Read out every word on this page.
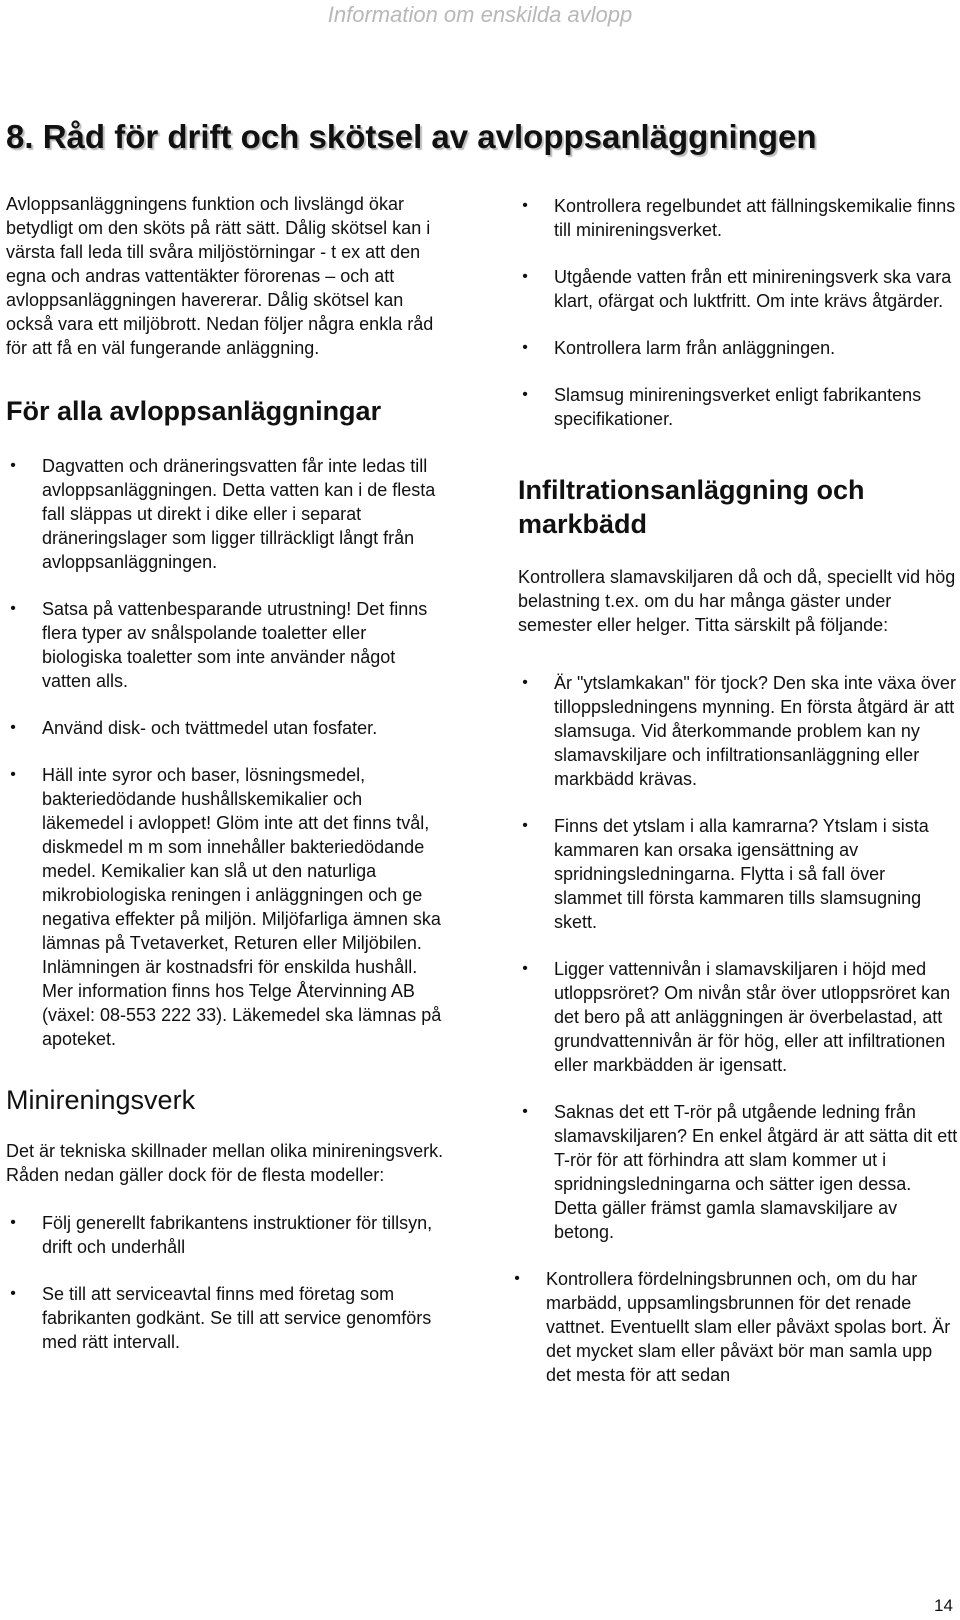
Information om enskilda avlopp
8. Råd för drift och skötsel av avloppsanläggningen

Avloppsanläggningens funktion och livslängd ökar betydligt om den sköts på rätt sätt. Dålig skötsel kan i värsta fall leda till svåra miljöstörningar - t ex att den egna och andras vattentäkter förorenas – och att avloppsanläggningen havererar. Dålig skötsel kan också vara ett miljöbrott. Nedan följer några enkla råd för att få en väl fungerande anläggning.

För alla avloppsanläggningar
• Dagvatten och dräneringsvatten får inte ledas till avloppsanläggningen. Detta vatten kan i de flesta fall släppas ut direkt i dike eller i separat dräneringslager som ligger tillräckligt långt från avloppsanläggningen.
• Satsa på vattenbesparande utrustning! Det finns flera typer av snålspolande toaletter eller biologiska toaletter som inte använder något vatten alls.
• Använd disk- och tvättmedel utan fosfater.
• Häll inte syror och baser, lösningsmedel, bakteriedödande hushållskemikalier och läkemedel i avloppet! Glöm inte att det finns tvål, diskmedel m m som innehåller bakteriedödande medel. Kemikalier kan slå ut den naturliga mikrobiologiska reningen i anläggningen och ge negativa effekter på miljön. Miljöfarliga ämnen ska lämnas på Tvetaverket, Returen eller Miljöbilen. Inlämningen är kostnadsfri för enskilda hushåll. Mer information finns hos Telge Återvinning AB (växel: 08-553 222 33). Läkemedel ska lämnas på apoteket.
Minireningsverk

Det är tekniska skillnader mellan olika minireningsverk. Råden nedan gäller dock för de flesta modeller:

• Följ generellt fabrikantens instruktioner för tillsyn, drift och underhåll
• Se till att serviceavtal finns med företag som fabrikanten godkänt. Se till att service genomförs med rätt intervall.
• Kontrollera regelbundet att fällningskemikalie finns till minireningsverket.
• Utgående vatten från ett minireningsverk ska vara klart, ofärgat och luktfritt. Om inte krävs åtgärder.
• Kontrollera larm från anläggningen.
• Slamsug minireningsverket enligt fabrikantens specifikationer.
Infiltrationsanläggning och markbädd

Kontrollera slamavskiljaren då och då, speciellt vid hög belastning t.ex. om du har många gäster under semester eller helger. Titta särskilt på följande:

• Är "ytslamkakan" för tjock? Den ska inte växa över tilloppsledningens mynning. En första åtgärd är att slamsuga. Vid återkommande problem kan ny slamavskiljare och infiltrationsanläggning eller markbädd krävas.
• Finns det ytslam i alla kamrarna? Ytslam i sista kammaren kan orsaka igensättning av spridningsledningarna. Flytta i så fall över slammet till första kammaren tills slamsugning skett.
• Ligger vattennivån i slamavskiljaren i höjd med utloppsröret? Om nivån står över utloppsröret kan det bero på att anläggningen är överbelastad, att grundvattennivån är för hög, eller att infiltrationen eller markbädden är igensatt.
• Saknas det ett T-rör på utgående ledning från slamavskiljaren? En enkel åtgärd är att sätta dit ett T-rör för att förhindra att slam kommer ut i spridningsledningarna och sätter igen dessa. Detta gäller främst gamla slamavskiljare av betong.
• Kontrollera fördelningsbrunnen och, om du har marbädd, uppsamlingsbrunnen för det renade vattnet. Eventuellt slam eller påväxt spolas bort. Är det mycket slam eller påväxt bör man samla upp det mesta för att sedan
14
